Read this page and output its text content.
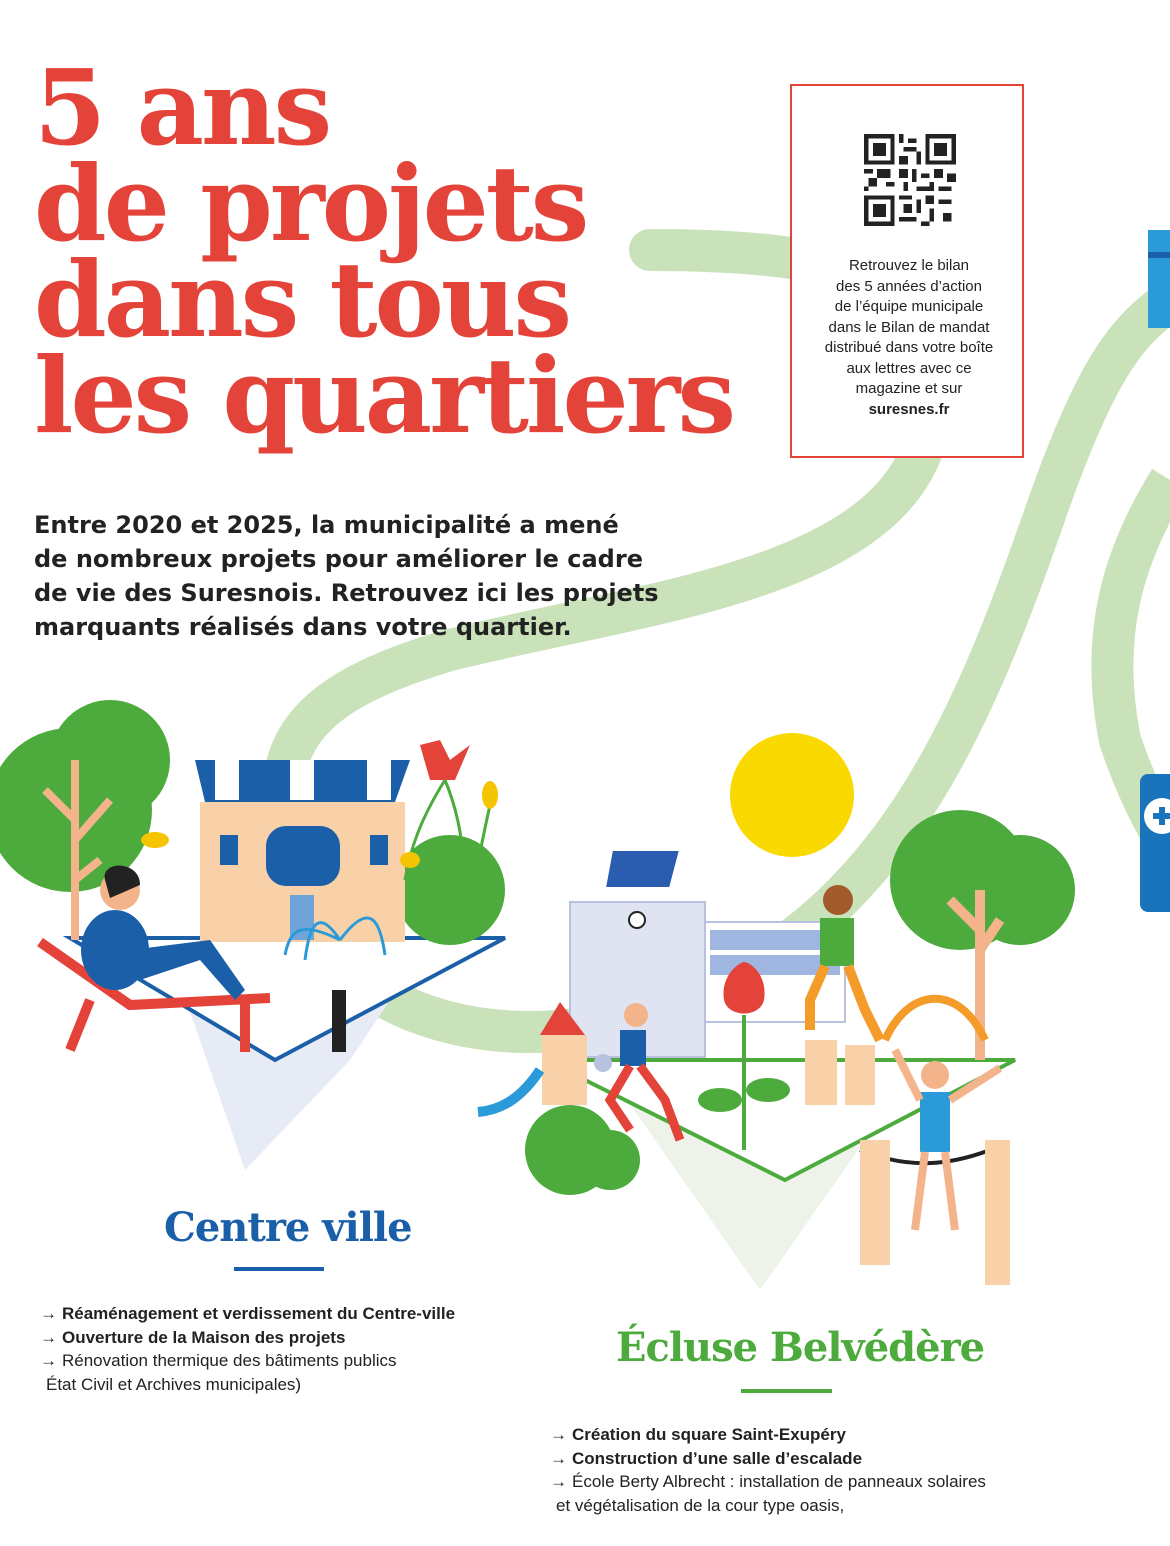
5 ans
de projets
dans tous
les quartiers

Entre 2020 et 2025, la municipalité a mené
de nombreux projets pour améliorer le cadre
de vie des Suresnois. Retrouvez ici les projets
marquants réalisés dans votre quartier.

Retrouvez le bilan
des 5 années d’action
de l’équipe municipale
dans le Bilan de mandat
distribué dans votre boîte
aux lettres avec ce
magazine et sur
suresnes.fr
Centre ville
→ Réaménagement et verdissement du Centre-ville
→ Ouverture de la Maison des projets
→ Rénovation thermique des bâtiments publics
État Civil et Archives municipales)
Écluse Belvédère
→ Création du square Saint-Exupéry
→ Construction d’une salle d’escalade
→ École Berty Albrecht : installation de panneaux solaires
et végétalisation de la cour type oasis,
